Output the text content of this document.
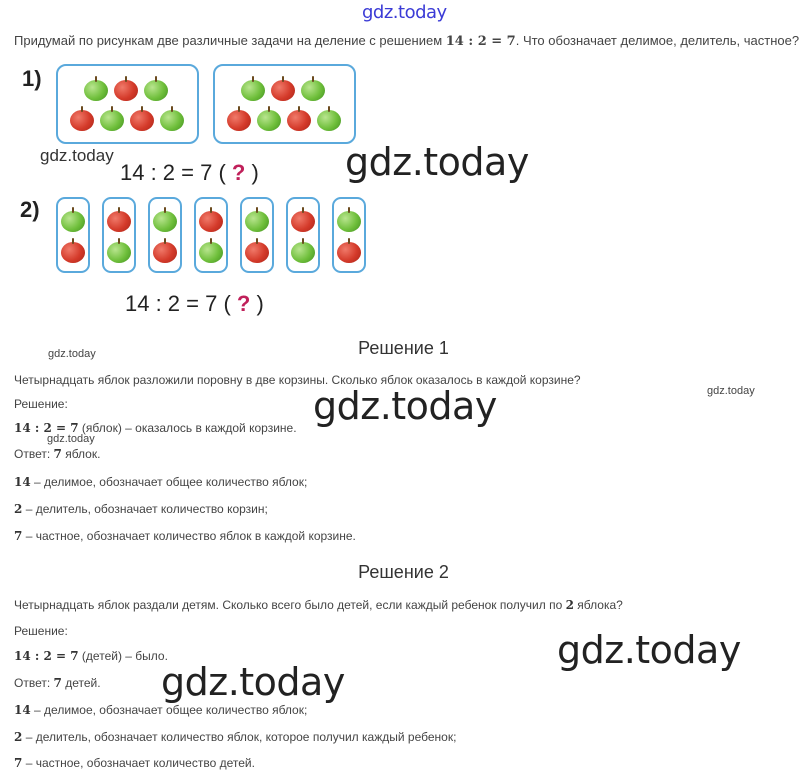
gdz.today
Придумай по рисункам две различные задачи на деление с решением 14 : 2 = 7. Что обозначает делимое, делитель, частное?
1)
14 : 2 = 7 ( ? )
2)
14 : 2 = 7 ( ? )
gdz.today	gdz.today
gdz.today
gdz.today
gdz.today
gdz.today
gdz.today
gdz.today
Решение 1
Четырнадцать яблок разложили поровну в две корзины. Сколько яблок оказалось в каждой корзине?
Решение:
14 : 2 = 7 (яблок) – оказалось в каждой корзине.
Ответ: 7 яблок.
14 – делимое, обозначает общее количество яблок;
2 – делитель, обозначает количество корзин;
7 – частное, обозначает количество яблок в каждой корзине.
Решение 2
Четырнадцать яблок раздали детям. Сколько всего было детей, если каждый ребенок получил по 2 яблока?
Решение:
14 : 2 = 7 (детей) – было.
Ответ: 7 детей.
14 – делимое, обозначает общее количество яблок;
2 – делитель, обозначает количество яблок, которое получил каждый ребенок;
7 – частное, обозначает количество детей.
